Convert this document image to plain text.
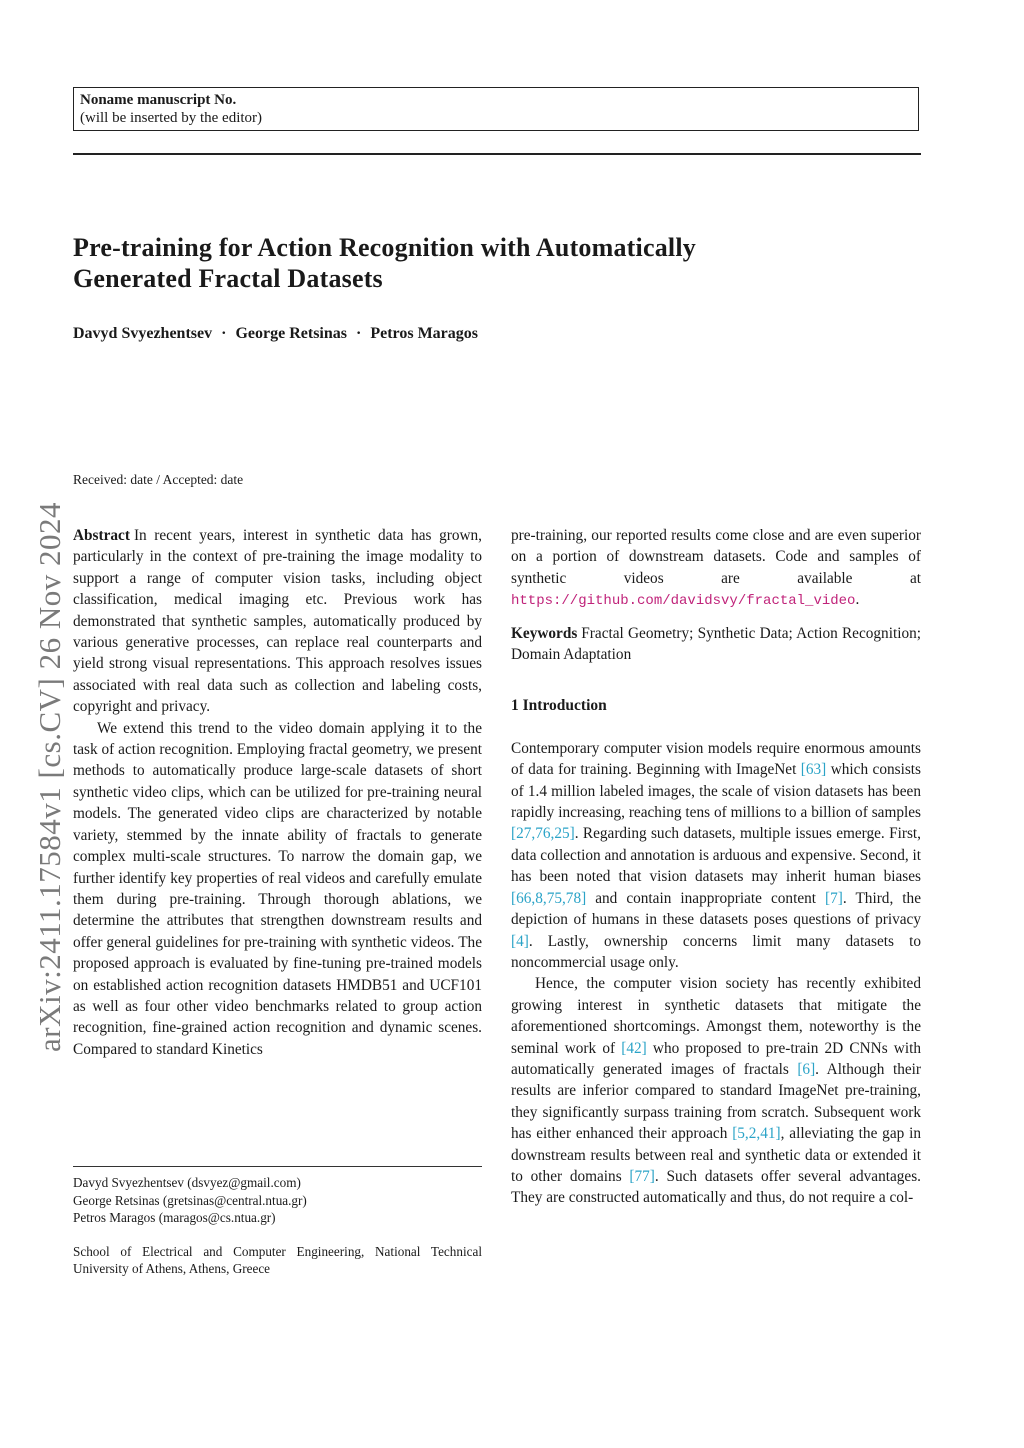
Noname manuscript No.
(will be inserted by the editor)
Pre-training for Action Recognition with Automatically
Generated Fractal Datasets
Davyd Svyezhentsev · George Retsinas · Petros Maragos
arXiv:2411.17584v1 [cs.CV] 26 Nov 2024
Received: date / Accepted: date

Abstract In recent years, interest in synthetic data has grown, particularly in the context of pre-training the image modality to support a range of computer vision tasks, including object classification, medical imaging etc. Previous work has demonstrated that synthetic samples, automatically produced by various generative processes, can replace real counterparts and yield strong visual representations. This approach resolves issues associated with real data such as collection and labeling costs, copyright and privacy.

We extend this trend to the video domain applying it to the task of action recognition. Employing fractal geometry, we present methods to automatically produce large-scale datasets of short synthetic video clips, which can be utilized for pre-training neural models. The generated video clips are characterized by notable variety, stemmed by the innate ability of fractals to generate complex multi-scale structures. To narrow the domain gap, we further identify key properties of real videos and carefully emulate them during pre-training. Through thorough ablations, we determine the attributes that strengthen downstream results and offer general guidelines for pre-training with synthetic videos. The proposed approach is evaluated by fine-tuning pre-trained models on established action recognition datasets HMDB51 and UCF101 as well as four other video benchmarks related to group action recognition, fine-grained action recognition and dynamic scenes. Compared to standard Kinetics

pre-training, our reported results come close and are even superior on a portion of downstream datasets. Code and samples of synthetic videos are available at https://github.com/davidsvy/fractal_video.

Keywords Fractal Geometry; Synthetic Data; Action Recognition; Domain Adaptation

1 Introduction

Contemporary computer vision models require enormous amounts of data for training. Beginning with ImageNet [63] which consists of 1.4 million labeled images, the scale of vision datasets has been rapidly increasing, reaching tens of millions to a billion of samples [27,76,25]. Regarding such datasets, multiple issues emerge. First, data collection and annotation is arduous and expensive. Second, it has been noted that vision datasets may inherit human biases [66,8,75,78] and contain inappropriate content [7]. Third, the depiction of humans in these datasets poses questions of privacy [4]. Lastly, ownership concerns limit many datasets to noncommercial usage only.

Hence, the computer vision society has recently exhibited growing interest in synthetic datasets that mitigate the aforementioned shortcomings. Amongst them, noteworthy is the seminal work of [42] who proposed to pre-train 2D CNNs with automatically generated images of fractals [6]. Although their results are inferior compared to standard ImageNet pre-training, they significantly surpass training from scratch. Subsequent work has either enhanced their approach [5,2,41], alleviating the gap in downstream results between real and synthetic data or extended it to other domains [77]. Such datasets offer several advantages. They are constructed automatically and thus, do not require a col-

Davyd Svyezhentsev (dsvyez@gmail.com)
George Retsinas (gretsinas@central.ntua.gr)
Petros Maragos (maragos@cs.ntua.gr)
School of Electrical and Computer Engineering, National Technical University of Athens, Athens, Greece
